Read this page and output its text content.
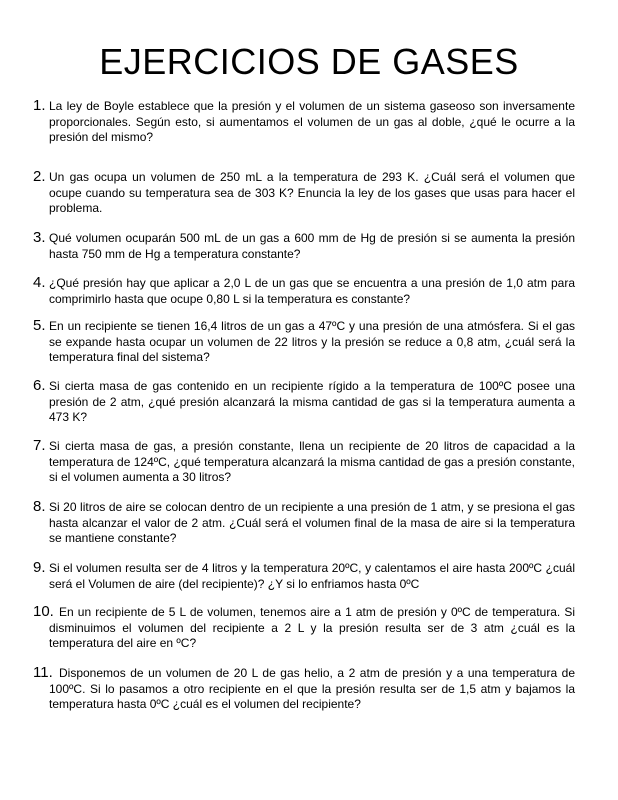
EJERCICIOS DE GASES
1. La ley de Boyle establece que la presión y el volumen de un sistema gaseoso son inversamente proporcionales. Según esto, si aumentamos el volumen de un gas al doble, ¿qué le ocurre a la presión del mismo?

2. Un gas ocupa un volumen de 250 mL a la temperatura de 293 K. ¿Cuál será el volumen que ocupe cuando su temperatura sea de 303 K? Enuncia la ley de los gases que usas para hacer el problema.

3. Qué volumen ocuparán 500 mL de un gas a 600 mm de Hg de presión si se aumenta la presión hasta 750 mm de Hg a temperatura constante?

4. ¿Qué presión hay que aplicar a 2,0 L de un gas que se encuentra a una presión de 1,0 atm para comprimirlo hasta que ocupe 0,80 L si la temperatura es constante?

5. En un recipiente se tienen 16,4 litros de un gas a 47ºC y una presión de una atmósfera. Si el gas se expande hasta ocupar un volumen de 22 litros y la presión se reduce a 0,8 atm, ¿cuál será la temperatura final del sistema?

6. Si cierta masa de gas contenido en un recipiente rígido a la temperatura de 100ºC posee una presión de 2 atm, ¿qué presión alcanzará la misma cantidad de gas si la temperatura aumenta a 473 K?

7. Si cierta masa de gas, a presión constante, llena un recipiente de 20 litros de capacidad a la temperatura de 124ºC, ¿qué temperatura alcanzará la misma cantidad de gas a presión constante, si el volumen aumenta a 30 litros?

8. Si 20 litros de aire se colocan dentro de un recipiente a una presión de 1 atm, y se presiona el gas hasta alcanzar el valor de 2 atm. ¿Cuál será el volumen final de la masa de aire si la temperatura se mantiene constante?

9. Si el volumen resulta ser de 4 litros y la temperatura 20ºC, y calentamos el aire hasta 200ºC ¿cuál será el Volumen de aire (del recipiente)? ¿Y si lo enfriamos hasta 0ºC

10. En un recipiente de 5 L de volumen, tenemos aire a 1 atm de presión y 0ºC de temperatura. Si disminuimos el volumen del recipiente a 2 L y la presión resulta ser de 3 atm ¿cuál es la temperatura del aire en ºC?

11. Disponemos de un volumen de 20 L de gas helio, a 2 atm de presión y a una temperatura de 100ºC. Si lo pasamos a otro recipiente en el que la presión resulta ser de 1,5 atm y bajamos la temperatura hasta 0ºC ¿cuál es el volumen del recipiente?
